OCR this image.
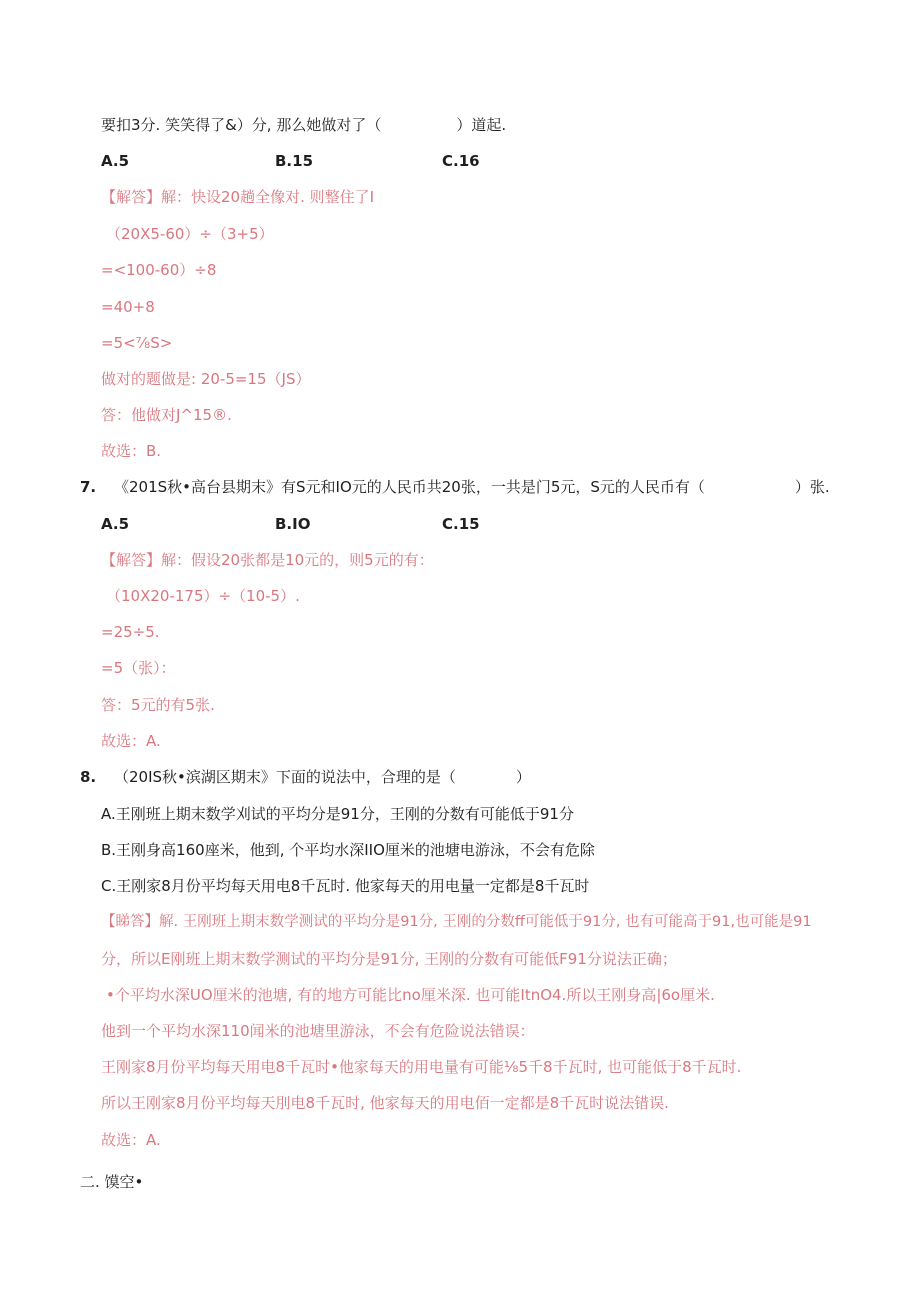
要扣3分. 笑笑得了&）分, 那么她做对了（　　　　　）道起.
A.5	B.15	C.16
【解答】解：快设20趟全像对. 则整住了I
（20X5-60）÷（3+5）
=<100-60）÷8
=40+8
=5<⅞S>
做对的题做是: 20-5=15（JS）
答：他做对J^15®.
故选：B.
7. 《201S秋•高台县期末》有S元和IO元的人民币共20张，一共是门5元，S元的人民币有（　　　　　　）张.
A.5	B.IO	C.15
【解答】解：假设20张都是10元的，则5元的有：
（10X20-175）÷（10-5）.
=25÷5.
=5（张）：
答：5元的有5张.
故选：A.
8. （20IS秋•滨湖区期末》下面的说法中，合理的是（　　　　）
A.王刚班上期末数学刈试的平均分是91分，王刚的分数有可能低于91分
B.王刚身高160座米，他到, 个平均水深IIO厘米的池塘电游泳，不会有危除
C.王刚家8月份平均每天用电8千瓦时. 他家每天的用电量一定都是8千瓦时
【睇答】解. 王刚班上期末数学测试的平均分是91分, 王刚的分数ff可能低于91分, 也有可能高于91,也可能是91
分，所以E刚班上期末数学测试的平均分是91分, 王刚的分数有可能低F91分说法正确；
•个平均水深UO厘米的池塘, 有的地方可能比no厘米深. 也可能ItnO4.所以王刚身高|6o厘米.
他到一个平均水深110闻米的池塘里游泳，不会有危险说法错误：
王刚家8月份平均每天用电8千瓦时•他家每天的用电量有可能⅛5千8千瓦时, 也可能低于8千瓦时.
所以王刚家8月份平均每天刖电8千瓦时, 他家每天的用电佰一定都是8千瓦时说法错误.
故选：A.
二. 馍空•
